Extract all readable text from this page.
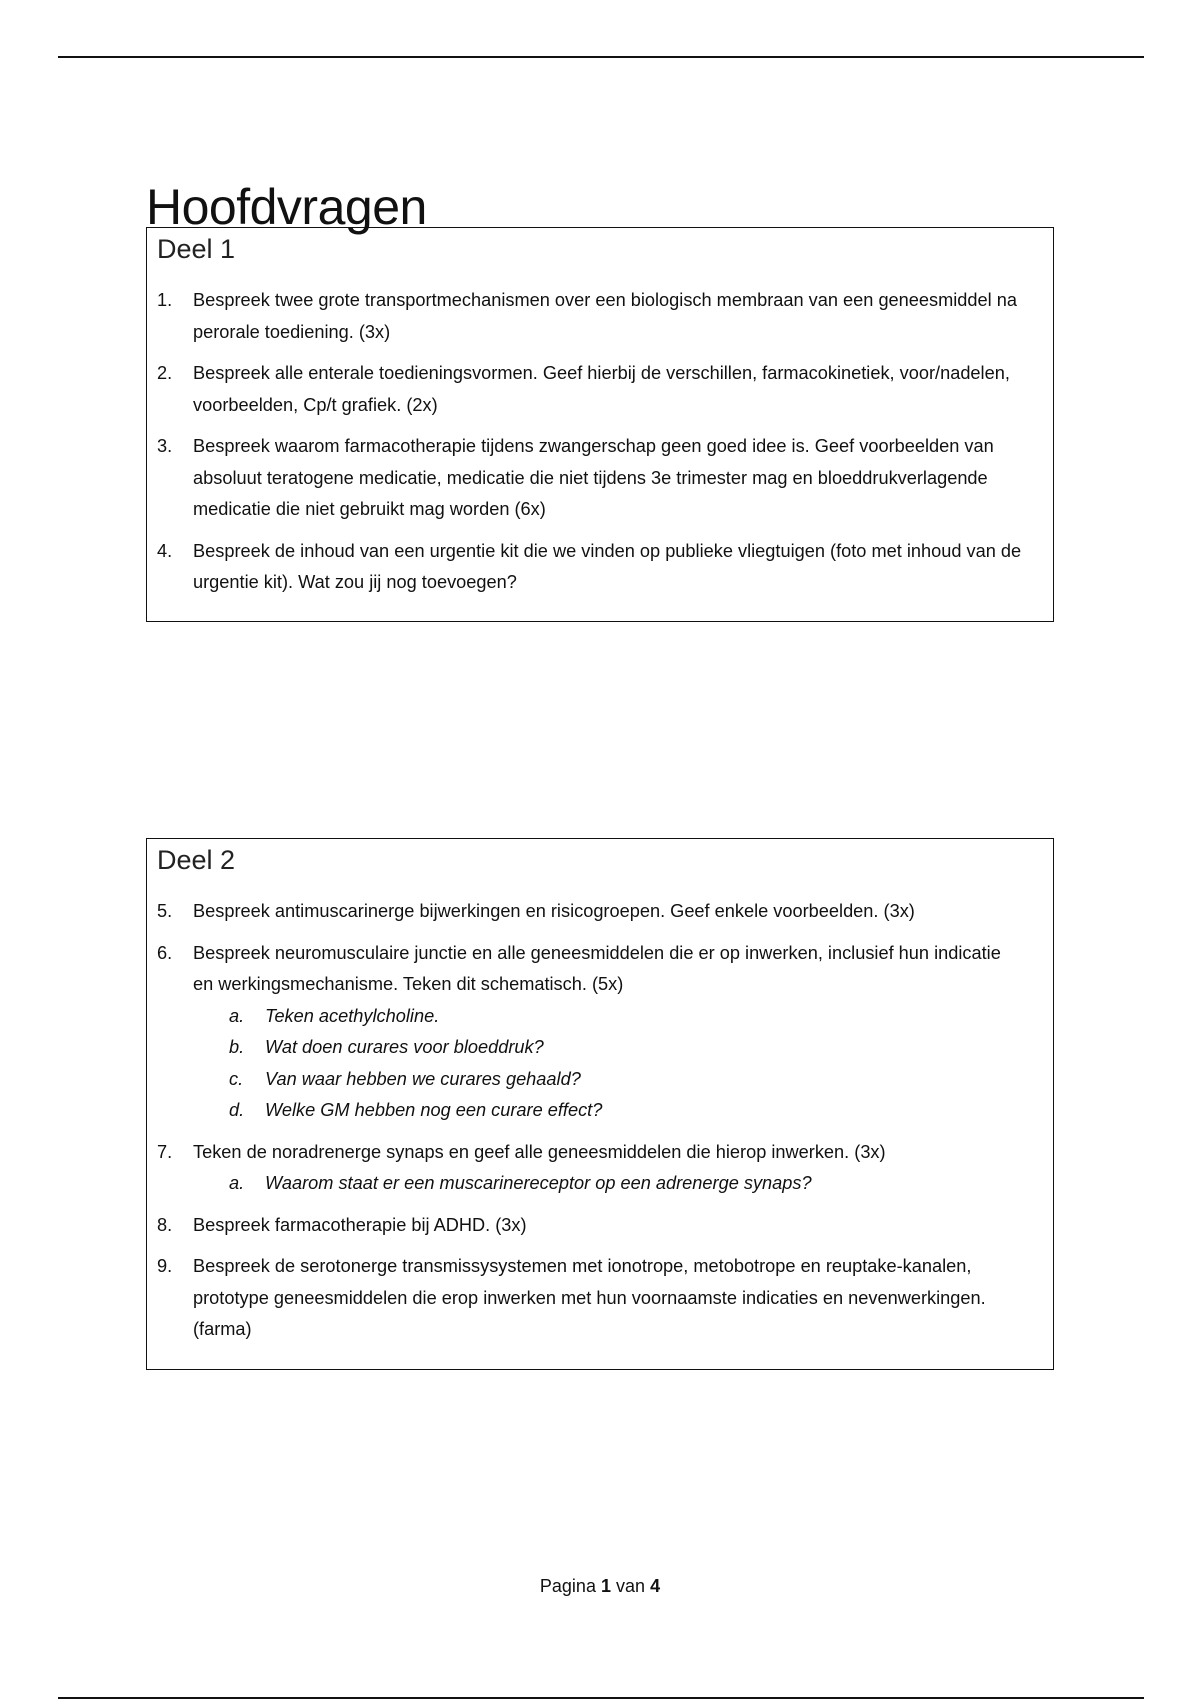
Hoofdvragen
Deel 1
1.	Bespreek twee grote transportmechanismen over een biologisch membraan van een geneesmiddel na perorale toediening. (3x)
2.	Bespreek alle enterale toedieningsvormen. Geef hierbij de verschillen, farmacokinetiek, voor/nadelen, voorbeelden, Cp/t grafiek. (2x)
3.	Bespreek waarom farmacotherapie tijdens zwangerschap geen goed idee is. Geef voorbeelden van absoluut teratogene medicatie, medicatie die niet tijdens 3e trimester mag en bloeddrukverlagende medicatie die niet gebruikt mag worden (6x)
4.	Bespreek de inhoud van een urgentie kit die we vinden op publieke vliegtuigen (foto met inhoud van de urgentie kit). Wat zou jij nog toevoegen?
Deel 2
5.	Bespreek antimuscarinerge bijwerkingen en risicogroepen. Geef enkele voorbeelden. (3x)
6.	Bespreek neuromusculaire junctie en alle geneesmiddelen die er op inwerken, inclusief hun indicatie en werkingsmechanisme. Teken dit schematisch. (5x)
a.	Teken acethylcholine.
b.	Wat doen curares voor bloeddruk?
c.	Van waar hebben we curares gehaald?
d.	Welke GM hebben nog een curare effect?
7.	Teken de noradrenerge synaps en geef alle geneesmiddelen die hierop inwerken. (3x)
a.	Waarom staat er een muscarinereceptor op een adrenerge synaps?
8.	Bespreek farmacotherapie bij ADHD. (3x)
9.	Bespreek de serotonerge transmissysystemen met ionotrope, metobotrope en reuptake-kanalen, prototype geneesmiddelen die erop inwerken met hun voornaamste indicaties en nevenwerkingen. (farma)
Pagina 1 van 4
